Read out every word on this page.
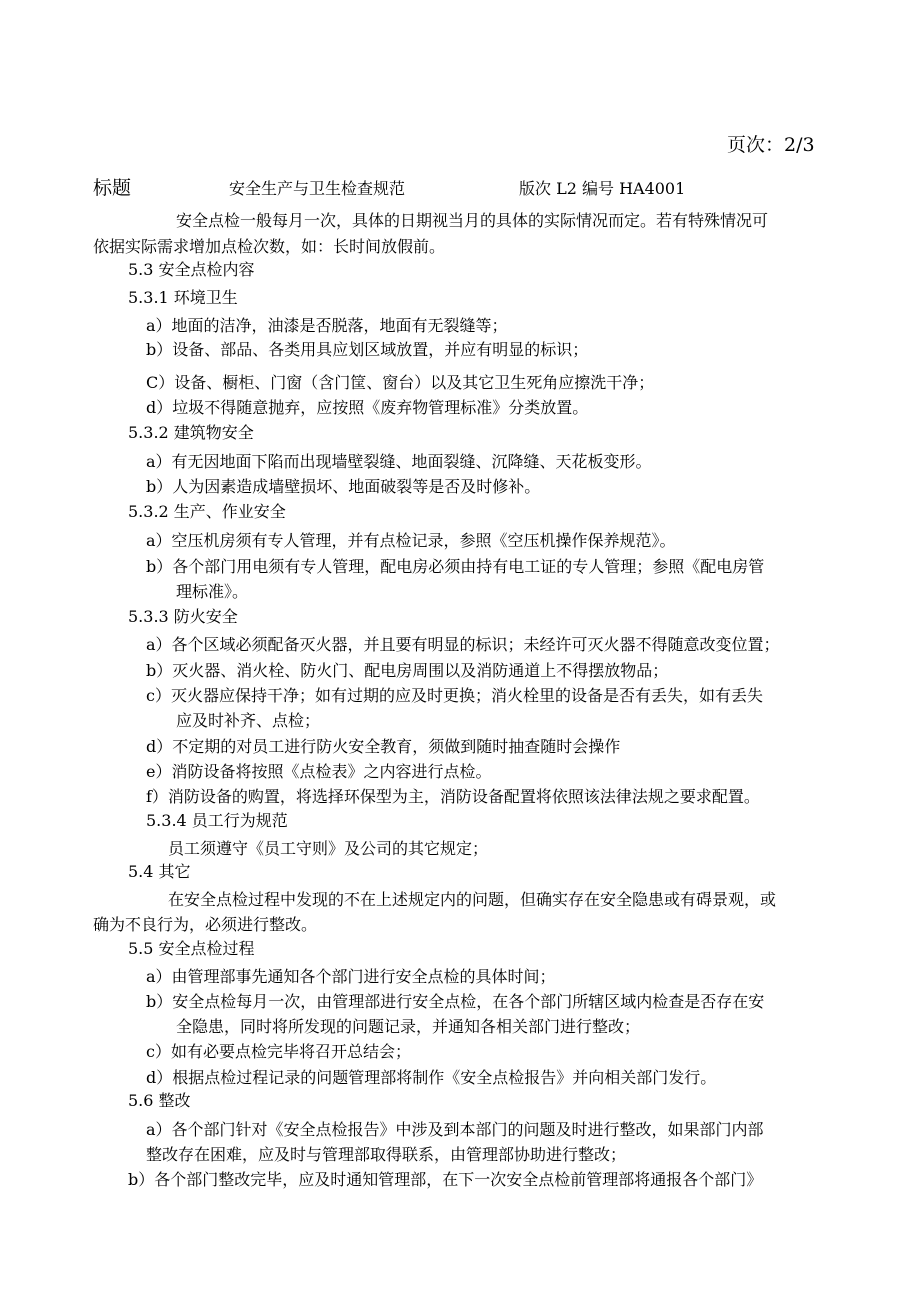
页次：2/3
标题	安全生产与卫生检查规范	版次 L2 编号 HA4001
安全点检一般每月一次，具体的日期视当月的具体的实际情况而定。若有特殊情况可
依据实际需求增加点检次数，如：长时间放假前。
5.3 安全点检内容
5.3.1 环境卫生
a）地面的洁净，油漆是否脱落，地面有无裂缝等；
b）设备、部品、各类用具应划区域放置，并应有明显的标识；
C）设备、橱柜、门窗（含门筐、窗台）以及其它卫生死角应擦洗干净；
d）垃圾不得随意抛弃，应按照《废弃物管理标准》分类放置。
5.3.2 建筑物安全
a）有无因地面下陷而出现墙壁裂缝、地面裂缝、沉降缝、天花板变形。
b）人为因素造成墙壁损坏、地面破裂等是否及时修补。
5.3.2 生产、作业安全
a）空压机房须有专人管理，并有点检记录，参照《空压机操作保养规范》。
b）各个部门用电须有专人管理，配电房必须由持有电工证的专人管理；参照《配电房管
理标准》。
5.3.3 防火安全
a）各个区域必须配备灭火器，并且要有明显的标识；未经许可灭火器不得随意改变位置；
b）灭火器、消火栓、防火门、配电房周围以及消防通道上不得摆放物品；
c）灭火器应保持干净；如有过期的应及时更换；消火栓里的设备是否有丢失，如有丢失
应及时补齐、点检；
d）不定期的对员工进行防火安全教育，须做到随时抽查随时会操作
e）消防设备将按照《点检表》之内容进行点检。
f）消防设备的购置，将选择环保型为主，消防设备配置将依照该法律法规之要求配置。
5.3.4 员工行为规范
员工须遵守《员工守则》及公司的其它规定；
5.4 其它
在安全点检过程中发现的不在上述规定内的问题，但确实存在安全隐患或有碍景观，或
确为不良行为，必须进行整改。
5.5 安全点检过程
a）由管理部事先通知各个部门进行安全点检的具体时间；
b）安全点检每月一次，由管理部进行安全点检，在各个部门所辖区域内检查是否存在安
全隐患，同时将所发现的问题记录，并通知各相关部门进行整改；
c）如有必要点检完毕将召开总结会；
d）根据点检过程记录的问题管理部将制作《安全点检报告》并向相关部门发行。
5.6 整改
a）各个部门针对《安全点检报告》中涉及到本部门的问题及时进行整改，如果部门内部
整改存在困难，应及时与管理部取得联系，由管理部协助进行整改；
b）各个部门整改完毕，应及时通知管理部，在下一次安全点检前管理部将通报各个部门》
